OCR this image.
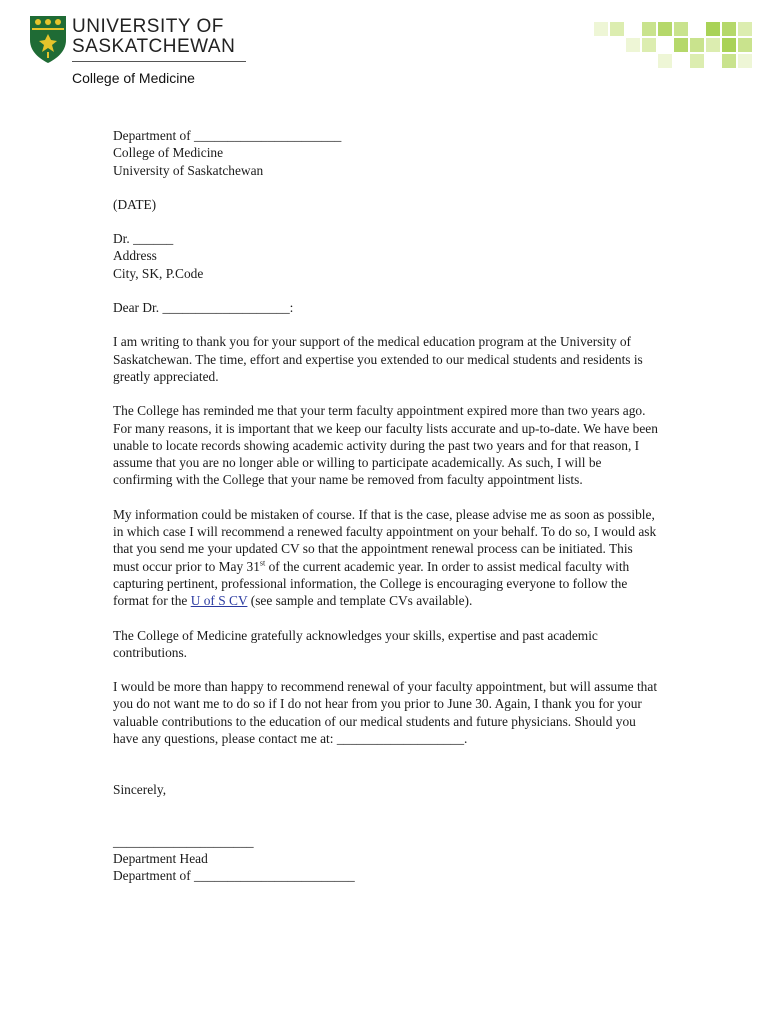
UNIVERSITY OF
SASKATCHEWAN
College of Medicine

Department of ______________________

College of Medicine

University of Saskatchewan

(DATE)

Dr. ______

Address

City, SK, P.Code

Dear Dr. ___________________:

I am writing to thank you for your support of the medical education program at the University of Saskatchewan. The time, effort and expertise you extended to our medical students and residents is greatly appreciated.

The College has reminded me that your term faculty appointment expired more than two years ago. For many reasons, it is important that we keep our faculty lists accurate and up-to-date. We have been unable to locate records showing academic activity during the past two years and for that reason, I assume that you are no longer able or willing to participate academically. As such, I will be confirming with the College that your name be removed from faculty appointment lists.

My information could be mistaken of course. If that is the case, please advise me as soon as possible, in which case I will recommend a renewed faculty appointment on your behalf. To do so, I would ask that you send me your updated CV so that the appointment renewal process can be initiated. This must occur prior to May 31st of the current academic year. In order to assist medical faculty with capturing pertinent, professional information, the College is encouraging everyone to follow the format for the U of S CV (see sample and template CVs available).

The College of Medicine gratefully acknowledges your skills, expertise and past academic contributions.

I would be more than happy to recommend renewal of your faculty appointment, but will assume that you do not want me to do so if I do not hear from you prior to June 30. Again, I thank you for your valuable contributions to the education of our medical students and future physicians. Should you have any questions, please contact me at: ___________________.

Sincerely,

_____________________

Department Head

Department of ________________________
